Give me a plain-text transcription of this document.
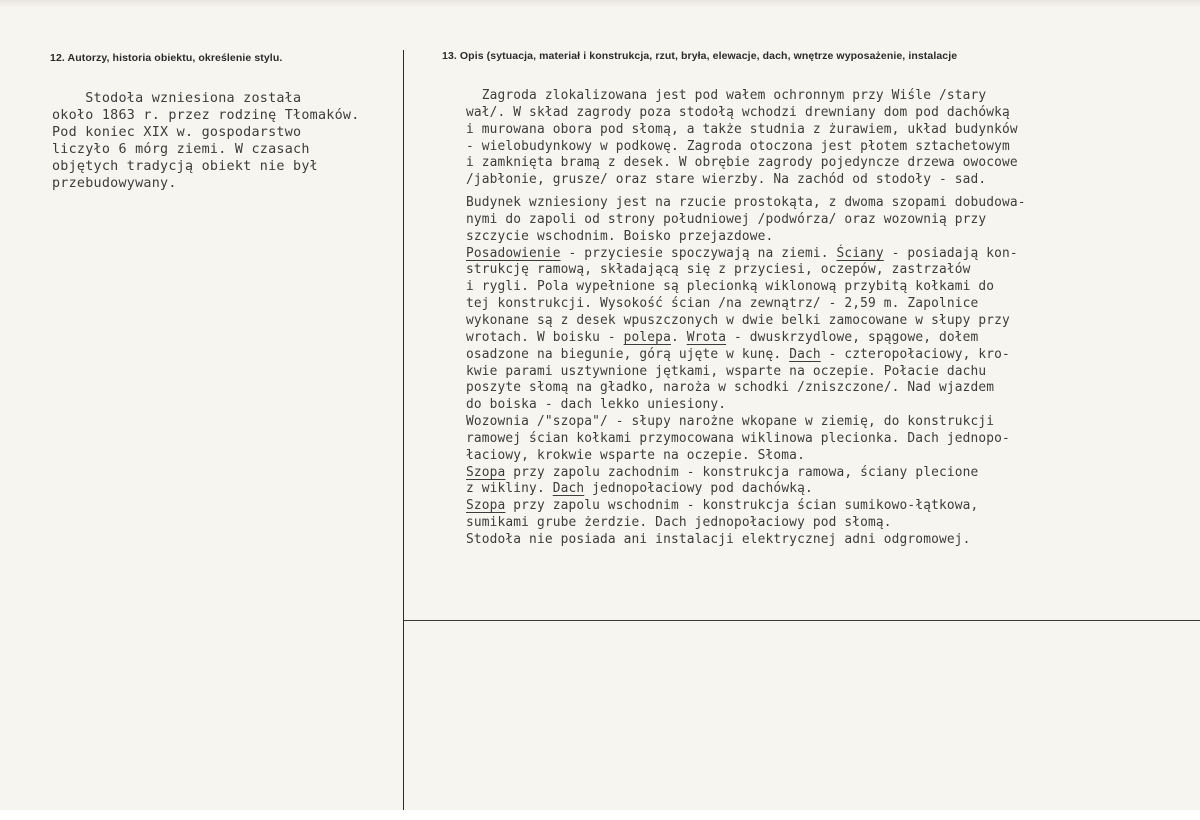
12. Autorzy, historia obiektu, określenie stylu.	13. Opis (sytuacja, materiał i konstrukcja, rzut, bryła, elewacje, dach, wnętrze wyposażenie, instalacje
Stodoła wzniesiona została
około 1863 r. przez rodzinę Tłomaków.
Pod koniec XIX w. gospodarstwo
liczyło 6 mórg ziemi. W czasach
objętych tradycją obiekt nie był
przebudowywany.
Zagroda zlokalizowana jest pod wałem ochronnym przy Wiśle /stary
wał/. W skład zagrody poza stodołą wchodzi drewniany dom pod dachówką
i murowana obora pod słomą, a także studnia z żurawiem, układ budynków
- wielobudynkowy w podkowę. Zagroda otoczona jest płotem sztachetowym
i zamknięta bramą z desek. W obrębie zagrody pojedyncze drzewa owocowe
/jabłonie, grusze/ oraz stare wierzby. Na zachód od stodoły - sad.
Budynek wzniesiony jest na rzucie prostokąta, z dwoma szopami dobudowa-
nymi do zapoli od strony południowej /podwórza/ oraz wozownią przy
szczycie wschodnim. Boisko przejazdowe.
Posadowienie - przyciesie spoczywają na ziemi. Ściany - posiadają kon-
strukcję ramową, składającą się z przyciesi, oczepów, zastrzałów
i rygli. Pola wypełnione są plecionką wiklonową przybitą kołkami do
tej konstrukcji. Wysokość ścian /na zewnątrz/ - 2,59 m. Zapolnice
wykonane są z desek wpuszczonych w dwie belki zamocowane w słupy przy
wrotach. W boisku - polepa. Wrota - dwuskrzydlowe, spągowe, dołem
osadzone na biegunie, górą ujęte w kunę. Dach - czteropołaciowy, kro-
kwie parami usztywnione jętkami, wsparte na oczepie. Połacie dachu
poszyte słomą na gładko, naroża w schodki /zniszczone/. Nad wjazdem
do boiska - dach lekko uniesiony.
Wozownia /"szopa"/ - słupy narożne wkopane w ziemię, do konstrukcji
ramowej ścian kołkami przymocowana wiklinowa plecionka. Dach jednopo-
łaciowy, krokwie wsparte na oczepie. Słoma.
Szopa przy zapolu zachodnim - konstrukcja ramowa, ściany plecione
z wikliny. Dach jednopołaciowy pod dachówką.
Szopa przy zapolu wschodnim - konstrukcja ścian sumikowo-łątkowa,
sumikami grube żerdzie. Dach jednopołaciowy pod słomą.
Stodoła nie posiada ani instalacji elektrycznej adni odgromowej.
